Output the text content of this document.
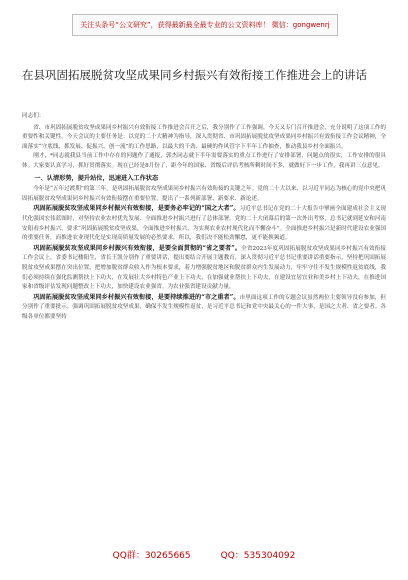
关注头条号“公文研究”，获得最新最全最专业的公文资料库！ 微信：gongwenrj
在县巩固拓展脱贫攻坚成果同乡村振兴有效衔接工作推进会上的讲话

同志们：

省、市巩固拓展脱贫攻坚成果同乡村振兴有效衔接工作推进会召开之后，我分别作了工作强调。今天又专门召开推进会，充分说明了这项工作的重要性和关键性。今天会议的主要任务是：以党的二十大精神为指导，深入贯彻省、市巩固拓展脱贫攻坚成果同乡村振兴有效衔接工作会议精神，全面落实“守底线、抓发展、促振兴、创一流”的工作思路，以最大的干劲、最硬的作风管字下半年工作抽查，推动我县乡村全面振兴。

刚才，*同志就我县当前工作中存在的问题作了通报，郭杰同志就下半年需要落实的重点工作进行了安排部署，问题点的很实，工作安排的很具体。大家要认真学习，抓好贯彻落实。现在已经是8月份了，距今年的国家、省级后评估考核所剩时间不多，就做好下一步工作，我再讲三点意见。

一、认清形势，提升站位，迅速进入工作状态

今年是“五年过渡期”的第三年，是巩固拓展脱贫攻坚成果同乡村振兴有效衔接的关键之年。党的二十大以来，以习近平同志为核心的党中央把巩固拓展脱贫攻坚成果同乡村振兴有效衔接摆在重要位置，提出了一系列新部署、新要求、新论述。

巩固拓展脱贫攻坚成果同乡村振兴有效衔接，是要务必牢记的“国之大者”。习近平总书记在党的二十大报告中擘画全面建成社会主义现代化强国宏伟蓝图时，对坚持农业农村优先发展、全面推进乡村振兴进行了总体部署。党的二十大闭幕后的第一次外出考察，总书记就到延安和河南安阳看乡村振兴，要求“巩固拓展脱贫攻坚成果，全面推进乡村振兴，为实现农业农村现代化而不懈奋斗”。全面推进乡村振兴是新时代建设农业强国的重要任务，而推进农业现代化是实现高质量发展的必然要求，所以，我们决不能松劲懈怠，更不能换频道。

巩固拓展脱贫攻坚成果同乡村振兴有效衔接，是要全面贯彻的“省之要者”。全省2023年度巩固拓展脱贫攻坚成果同乡村振兴有效衔接工作会议上，省委书记楼阳生，省长王凯分别作了重要讲话，提出要结合开展主题教育，深入贯彻习近平总书记重要讲话重要指示，坚持把巩固拓展脱贫攻坚成果摆在突出位置，把增加脱贫群众收入作为根本要求，着力增强脱贫地区和脱贫群众内生发展动力，牢牢守住不发生规模性返贫底线，我们必须持续在强化监测帮扶上下功夫，在发展壮大乡村特色产业上下功夫，在加强就业帮扶上下功夫，在建设宜居宜业和美乡村上下功夫，在推进国家和省级评估发现问题整改上下功夫，加快建设农业强省。为农业强省建设贡献力量。

巩固拓展脱贫攻坚成果同乡村振兴有效衔接，是要持续推进的“市之重者”。市里面这项工作的专题会议虽然两位主要领导没有参加，但分别作了重要批示。强调巩固拓展脱贫攻坚成果，确保不发生规模性返贫，是习近平总书记和党中央最关心的一件大事，是国之大者、省之要者。各级各单位都要坚持

QQ群：30265665	QQ：535304092
